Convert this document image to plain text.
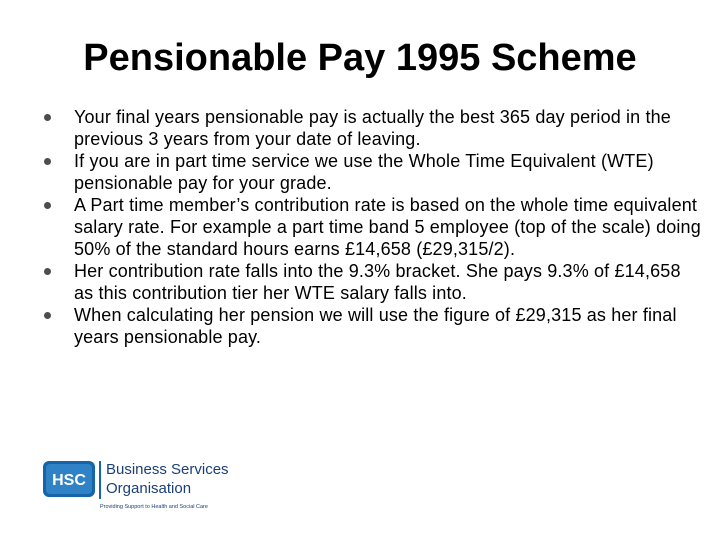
Pensionable Pay 1995 Scheme
Your final years pensionable pay is actually the best 365 day period in the previous 3 years from your date of leaving.
If you are in part time service we use the Whole Time Equivalent (WTE) pensionable pay for your grade.
A Part time member’s contribution rate is based on the whole time equivalent salary rate. For example a part time band 5 employee (top of the scale) doing 50% of the standard hours earns £14,658 (£29,315/2).
Her contribution rate falls into the 9.3% bracket. She pays 9.3% of £14,658 as this contribution tier her WTE salary falls into.
When calculating her pension we will use the figure of £29,315 as her final years pensionable pay.
HSC
Business Services
Organisation
Providing Support to Health and Social Care
